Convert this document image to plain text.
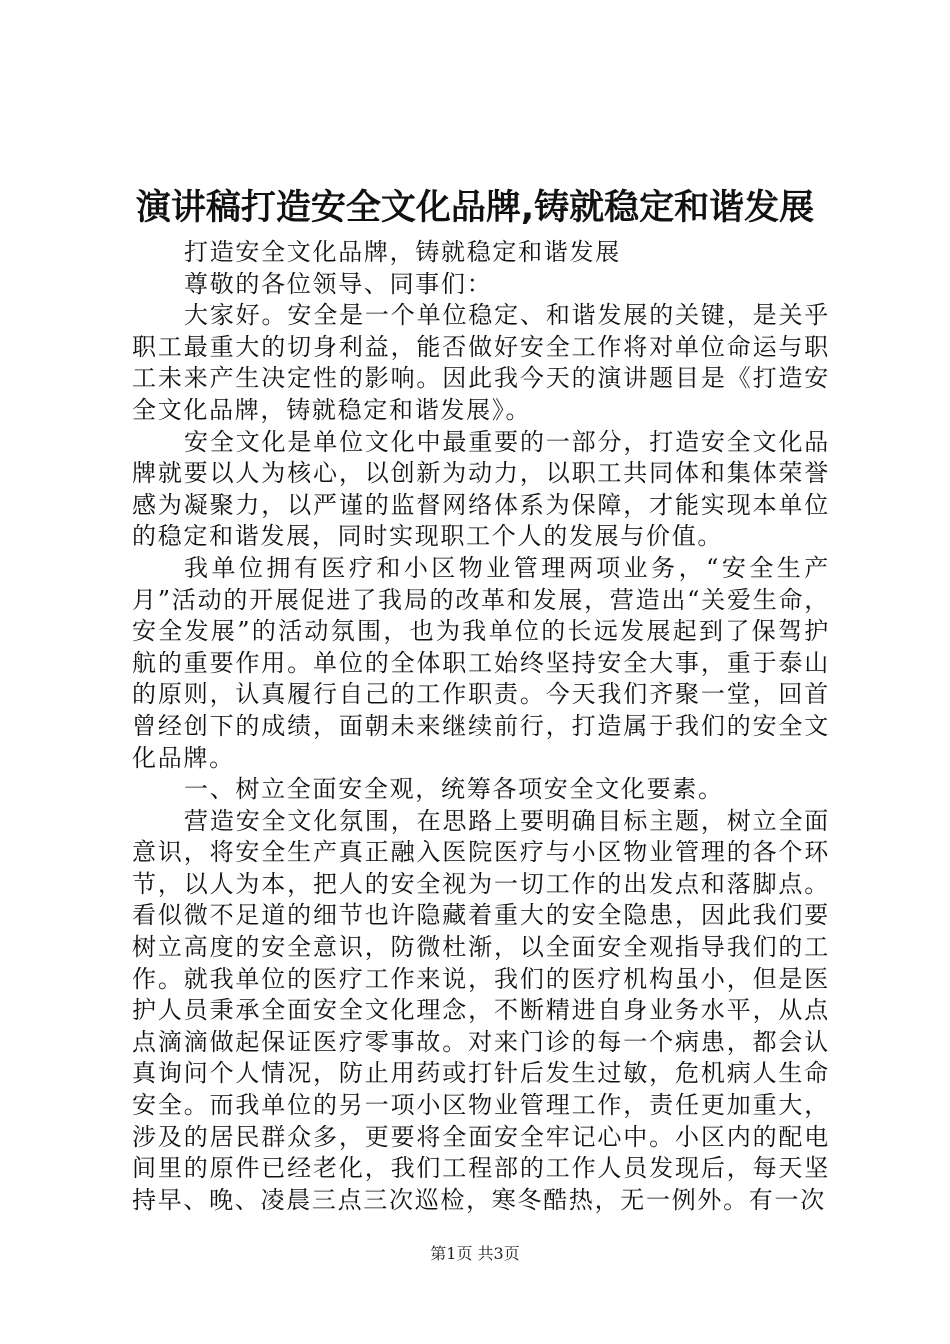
演讲稿打造安全文化品牌,铸就稳定和谐发展

打造安全文化品牌，铸就稳定和谐发展

尊敬的各位领导、同事们：

大家好。安全是一个单位稳定、和谐发展的关键，是关乎职工最重大的切身利益，能否做好安全工作将对单位命运与职工未来产生决定性的影响。因此我今天的演讲题目是《打造安全文化品牌，铸就稳定和谐发展》。

安全文化是单位文化中最重要的一部分，打造安全文化品牌就要以人为核心，以创新为动力，以职工共同体和集体荣誉感为凝聚力，以严谨的监督网络体系为保障，才能实现本单位的稳定和谐发展，同时实现职工个人的发展与价值。

我单位拥有医疗和小区物业管理两项业务，“安全生产月”活动的开展促进了我局的改革和发展，营造出“关爱生命，安全发展”的活动氛围，也为我单位的长远发展起到了保驾护航的重要作用。单位的全体职工始终坚持安全大事，重于泰山的原则，认真履行自己的工作职责。今天我们齐聚一堂，回首曾经创下的成绩，面朝未来继续前行，打造属于我们的安全文化品牌。

一、树立全面安全观，统筹各项安全文化要素。

营造安全文化氛围，在思路上要明确目标主题，树立全面意识，将安全生产真正融入医院医疗与小区物业管理的各个环节，以人为本，把人的安全视为一切工作的出发点和落脚点。看似微不足道的细节也许隐藏着重大的安全隐患，因此我们要树立高度的安全意识，防微杜渐，以全面安全观指导我们的工作。就我单位的医疗工作来说，我们的医疗机构虽小，但是医护人员秉承全面安全文化理念，不断精进自身业务水平，从点点滴滴做起保证医疗零事故。对来门诊的每一个病患，都会认真询问个人情况，防止用药或打针后发生过敏，危机病人生命安全。而我单位的另一项小区物业管理工作，责任更加重大，涉及的居民群众多，更要将全面安全牢记心中。小区内的配电间里的原件已经老化，我们工程部的工作人员发现后，每天坚持早、晚、凌晨三点三次巡检，寒冬酷热，无一例外。有一次

第1页 共3页
